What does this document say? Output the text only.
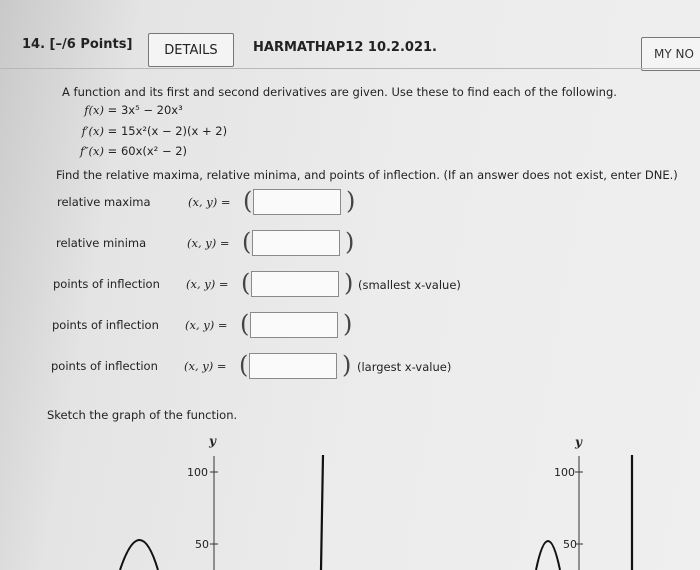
14. [–/6 Points]	DETAILS	HARMATHAP12 10.2.021.	MY NO
A function and its first and second derivatives are given. Use these to find each of the following.
f(x) = 3x⁵ − 20x³
f′(x) = 15x²(x − 2)(x + 2)
f″(x) = 60x(x² − 2)
Find the relative maxima, relative minima, and points of inflection. (If an answer does not exist, enter DNE.)
relative maxima	(x, y) = (	)
relative minima	(x, y) = (	)
points of inflection (x, y) = (	) (smallest x-value)
points of inflection (x, y) = (	)
points of inflection (x, y) = (	) (largest x-value)
Sketch the graph of the function.
y
100
50
y
100
50
